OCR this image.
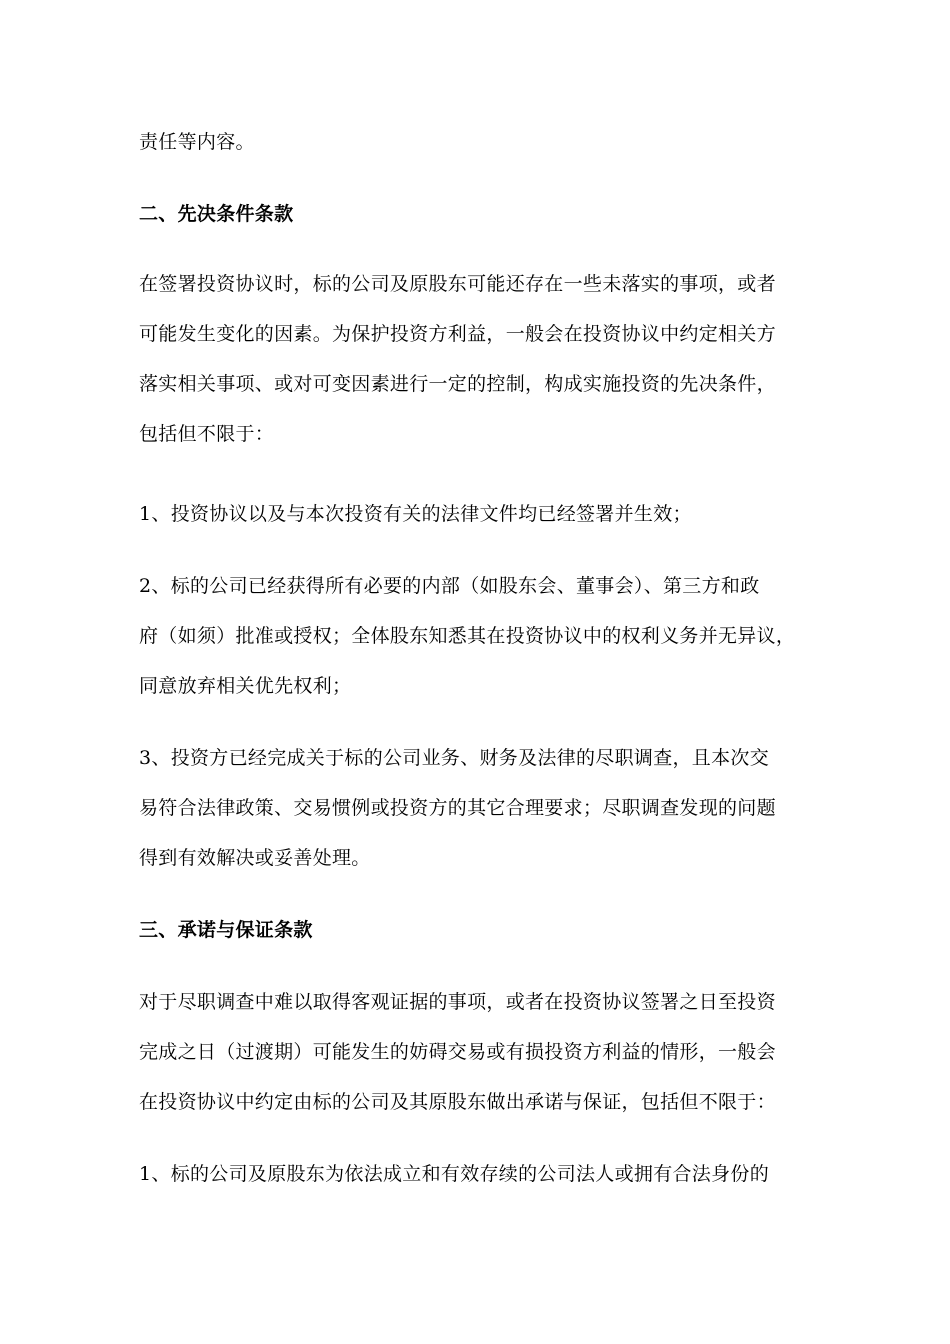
责任等内容。
二、先决条件条款
在签署投资协议时，标的公司及原股东可能还存在一些未落实的事项，或者
可能发生变化的因素。为保护投资方利益，一般会在投资协议中约定相关方
落实相关事项、或对可变因素进行一定的控制，构成实施投资的先决条件，
包括但不限于：
1、投资协议以及与本次投资有关的法律文件均已经签署并生效；
2、标的公司已经获得所有必要的内部（如股东会、董事会）、第三方和政
府（如须）批准或授权；全体股东知悉其在投资协议中的权利义务并无异议，
同意放弃相关优先权利；
3、投资方已经完成关于标的公司业务、财务及法律的尽职调查，且本次交
易符合法律政策、交易惯例或投资方的其它合理要求；尽职调查发现的问题
得到有效解决或妥善处理。
三、承诺与保证条款
对于尽职调查中难以取得客观证据的事项，或者在投资协议签署之日至投资
完成之日（过渡期）可能发生的妨碍交易或有损投资方利益的情形，一般会
在投资协议中约定由标的公司及其原股东做出承诺与保证，包括但不限于：
1、标的公司及原股东为依法成立和有效存续的公司法人或拥有合法身份的
